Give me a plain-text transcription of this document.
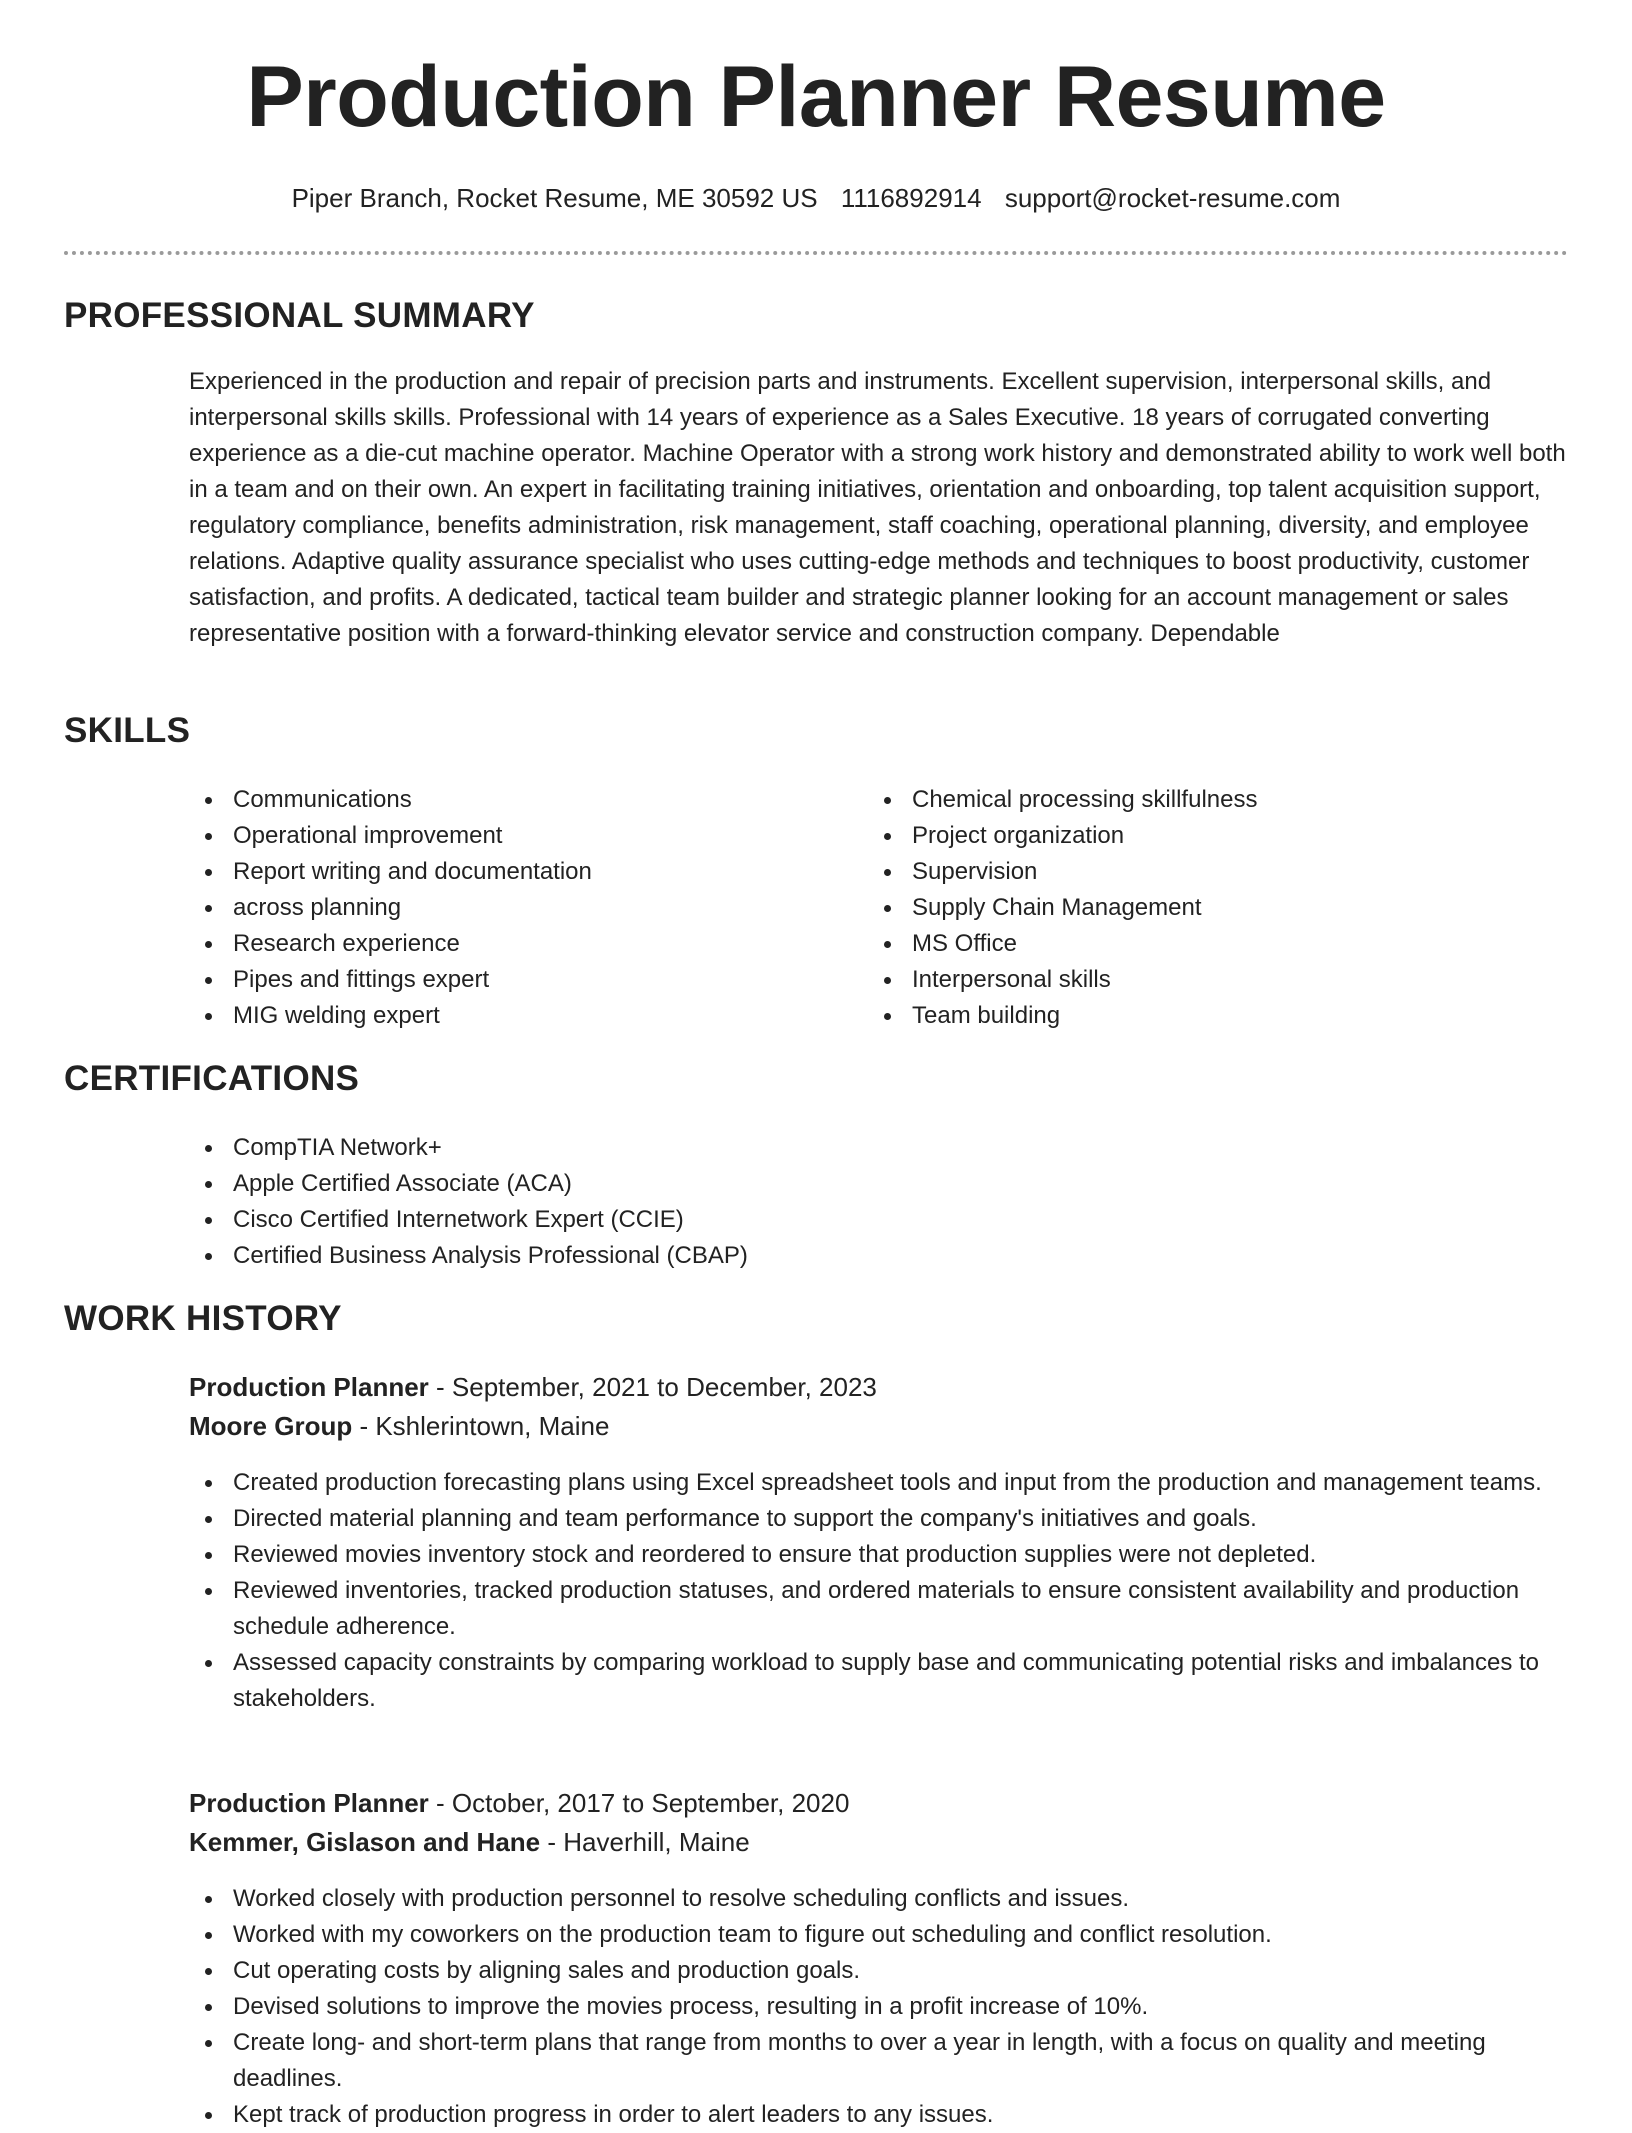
Production Planner Resume
Piper Branch, Rocket Resume, ME 30592 US 1116892914 support@rocket-resume.com
PROFESSIONAL SUMMARY

Experienced in the production and repair of precision parts and instruments. Excellent supervision, interpersonal skills, and interpersonal skills skills. Professional with 14 years of experience as a Sales Executive. 18 years of corrugated converting experience as a die-cut machine operator. Machine Operator with a strong work history and demonstrated ability to work well both in a team and on their own. An expert in facilitating training initiatives, orientation and onboarding, top talent acquisition support, regulatory compliance, benefits administration, risk management, staff coaching, operational planning, diversity, and employee relations. Adaptive quality assurance specialist who uses cutting-edge methods and techniques to boost productivity, customer satisfaction, and profits. A dedicated, tactical team builder and strategic planner looking for an account management or sales representative position with a forward-thinking elevator service and construction company. Dependable

SKILLS
Communications
Operational improvement
Report writing and documentation
across planning
Research experience
Pipes and fittings expert
MIG welding expert
Chemical processing skillfulness
Project organization
Supervision
Supply Chain Management
MS Office
Interpersonal skills
Team building
CERTIFICATIONS
CompTIA Network+
Apple Certified Associate (ACA)
Cisco Certified Internetwork Expert (CCIE)
Certified Business Analysis Professional (CBAP)
WORK HISTORY
Production Planner - September, 2021 to December, 2023
Moore Group - Kshlerintown, Maine
Created production forecasting plans using Excel spreadsheet tools and input from the production and management teams.
Directed material planning and team performance to support the company's initiatives and goals.
Reviewed movies inventory stock and reordered to ensure that production supplies were not depleted.
Reviewed inventories, tracked production statuses, and ordered materials to ensure consistent availability and production schedule adherence.
Assessed capacity constraints by comparing workload to supply base and communicating potential risks and imbalances to stakeholders.
Production Planner - October, 2017 to September, 2020
Kemmer, Gislason and Hane - Haverhill, Maine
Worked closely with production personnel to resolve scheduling conflicts and issues.
Worked with my coworkers on the production team to figure out scheduling and conflict resolution.
Cut operating costs by aligning sales and production goals.
Devised solutions to improve the movies process, resulting in a profit increase of 10%.
Create long- and short-term plans that range from months to over a year in length, with a focus on quality and meeting deadlines.
Kept track of production progress in order to alert leaders to any issues.
